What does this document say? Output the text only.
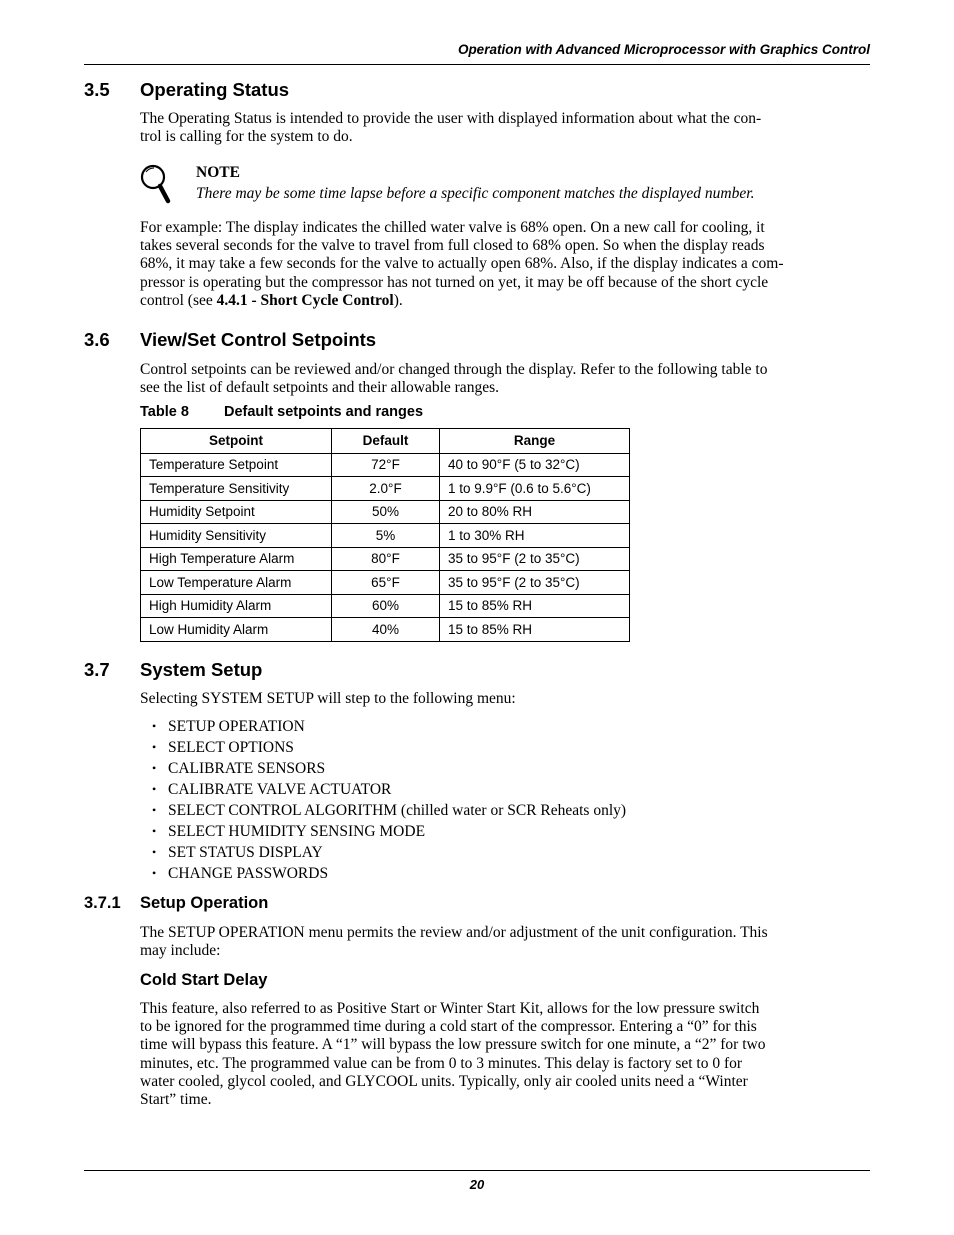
Operation with Advanced Microprocessor with Graphics Control
3.5 Operating Status
The Operating Status is intended to provide the user with displayed information about what the con-
trol is calling for the system to do.
NOTE
There may be some time lapse before a specific component matches the displayed number.
For example: The display indicates the chilled water valve is 68% open. On a new call for cooling, it
takes several seconds for the valve to travel from full closed to 68% open. So when the display reads
68%, it may take a few seconds for the valve to actually open 68%. Also, if the display indicates a com-
pressor is operating but the compressor has not turned on yet, it may be off because of the short cycle
control (see 4.4.1 - Short Cycle Control).
3.6 View/Set Control Setpoints
Control setpoints can be reviewed and/or changed through the display. Refer to the following table to
see the list of default setpoints and their allowable ranges.
Table 8 Default setpoints and ranges
Setpoint	Default	Range
Temperature Setpoint	72°F	40 to 90°F (5 to 32°C)
Temperature Sensitivity	2.0°F	1 to 9.9°F (0.6 to 5.6°C)
Humidity Setpoint	50%	20 to 80% RH
Humidity Sensitivity	5%	1 to 30% RH
High Temperature Alarm	80°F	35 to 95°F (2 to 35°C)
Low Temperature Alarm	65°F	35 to 95°F (2 to 35°C)
High Humidity Alarm	60%	15 to 85% RH
Low Humidity Alarm	40%	15 to 85% RH
3.7 System Setup
Selecting SYSTEM SETUP will step to the following menu:
• SETUP OPERATION
• SELECT OPTIONS
• CALIBRATE SENSORS
• CALIBRATE VALVE ACTUATOR
• SELECT CONTROL ALGORITHM (chilled water or SCR Reheats only)
• SELECT HUMIDITY SENSING MODE
• SET STATUS DISPLAY
• CHANGE PASSWORDS
3.7.1 Setup Operation
The SETUP OPERATION menu permits the review and/or adjustment of the unit configuration. This
may include:
Cold Start Delay
This feature, also referred to as Positive Start or Winter Start Kit, allows for the low pressure switch
to be ignored for the programmed time during a cold start of the compressor. Entering a “0” for this
time will bypass this feature. A “1” will bypass the low pressure switch for one minute, a “2” for two
minutes, etc. The programmed value can be from 0 to 3 minutes. This delay is factory set to 0 for
water cooled, glycol cooled, and GLYCOOL units. Typically, only air cooled units need a “Winter
Start” time.
20
